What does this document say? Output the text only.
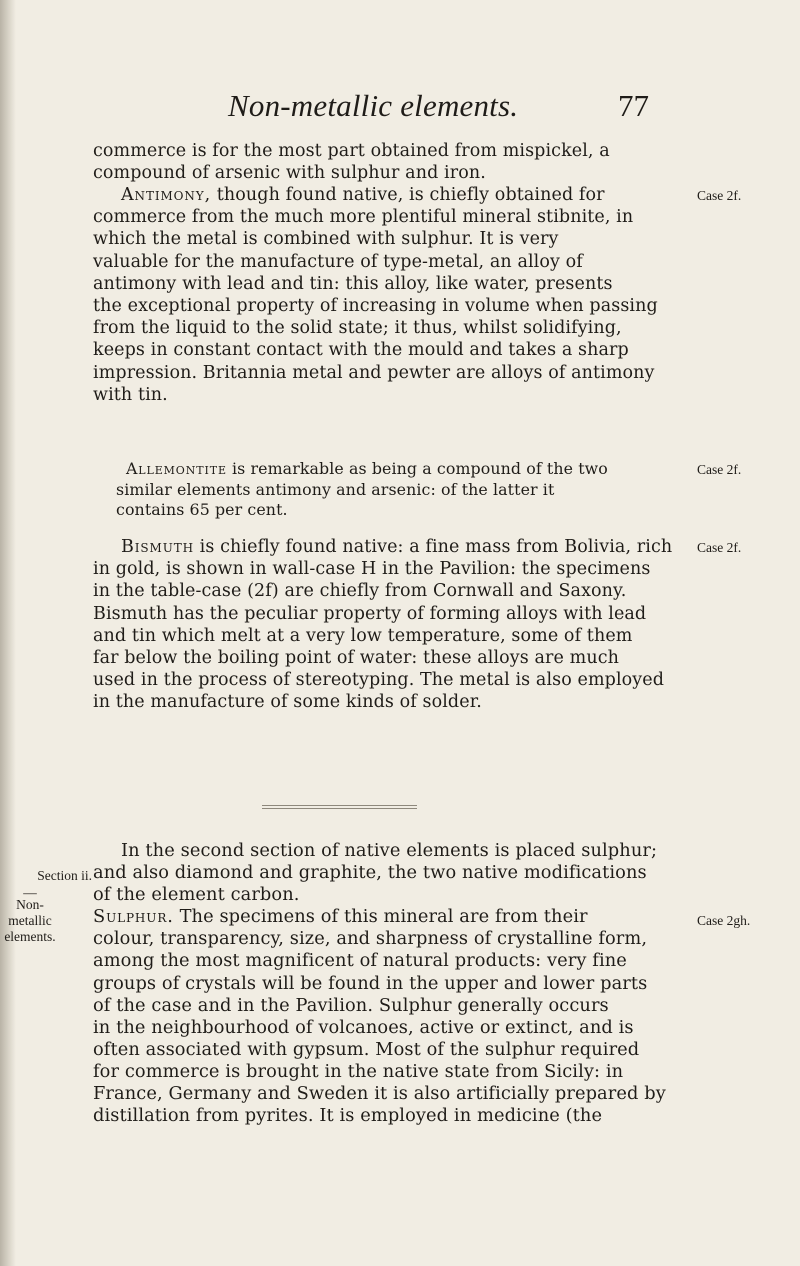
Non-metallic elements.	77

commerce is for the most part obtained from mispickel, a
compound of arsenic with sulphur and iron.

Antimony, though found native, is chiefly obtained for
commerce from the much more plentiful mineral stibnite, in
which the metal is combined with sulphur. It is very
valuable for the manufacture of type-metal, an alloy of
antimony with lead and tin: this alloy, like water, presents
the exceptional property of increasing in volume when passing
from the liquid to the solid state; it thus, whilst solidifying,
keeps in constant contact with the mould and takes a sharp
impression. Britannia metal and pewter are alloys of antimony
with tin.

Case 2f.

Allemontite is remarkable as being a compound of the two
similar elements antimony and arsenic: of the latter it
contains 65 per cent.

Case 2f.

Bismuth is chiefly found native: a fine mass from Bolivia, rich
in gold, is shown in wall-case H in the Pavilion: the specimens
in the table-case (2f) are chiefly from Cornwall and Saxony.
Bismuth has the peculiar property of forming alloys with lead
and tin which melt at a very low temperature, some of them
far below the boiling point of water: these alloys are much
used in the process of stereotyping. The metal is also employed
in the manufacture of some kinds of solder.

Case 2f.

In the second section of native elements is placed sulphur;
and also diamond and graphite, the two native modifications
of the element carbon.
Sulphur. The specimens of this mineral are from their
colour, transparency, size, and sharpness of crystalline form,
among the most magnificent of natural products: very fine
groups of crystals will be found in the upper and lower parts
of the case and in the Pavilion. Sulphur generally occurs
in the neighbourhood of volcanoes, active or extinct, and is
often associated with gypsum. Most of the sulphur required
for commerce is brought in the native state from Sicily: in
France, Germany and Sweden it is also artificially prepared by
distillation from pyrites. It is employed in medicine (the

Case 2gh.
Section ii.
—
Non-
metallic
elements.
